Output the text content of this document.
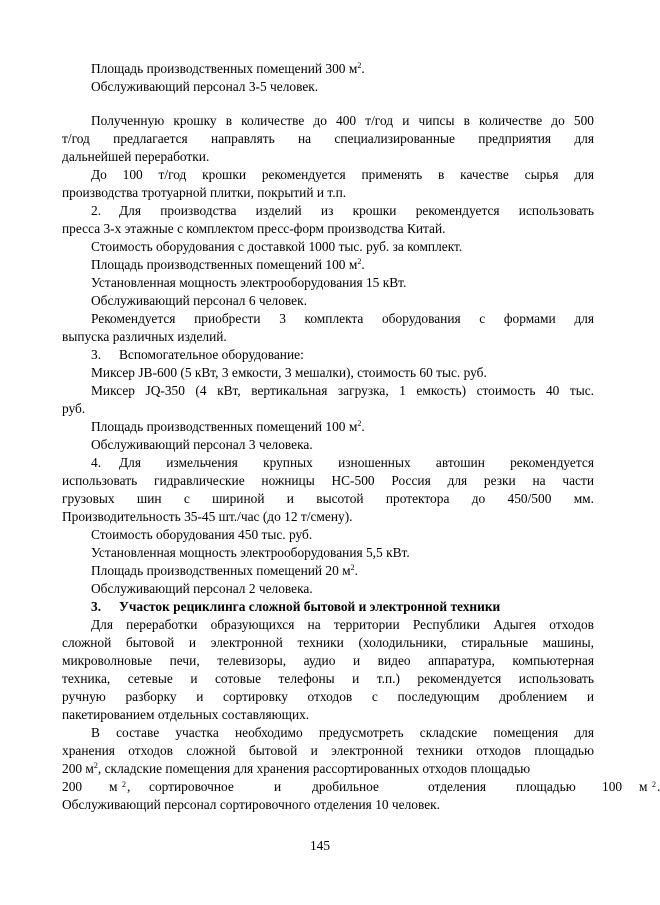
Площадь производственных помещений 300 $м^2$.
Обслуживающий персонал 3-5 человек.
Полученную крошку в количестве до 400 т/год и чипсы в количестве до 500
т/год предлагается направлять на специализированные предприятия для
дальнейшей переработки.
До 100 т/год крошки рекомендуется применять в качестве сырья для
производства тротуарной плитки, покрытий и т.п.
2. Для производства изделий из крошки рекомендуется использовать
пресса 3-х этажные с комплектом пресс-форм производства Китай.
Стоимость оборудования с доставкой 1000 тыс. руб. за комплект.
Площадь производственных помещений 100 $м^2$.
Установленная мощность электрооборудования 15 кВт.
Обслуживающий персонал 6 человек.
Рекомендуется приобрести 3 комплекта оборудования с формами для
выпуска различных изделий.
3. Вспомогательное оборудование:
Миксер JB-600 (5 кВт, 3 емкости, 3 мешалки), стоимость 60 тыс. руб.
Миксер JQ-350 (4 кВт, вертикальная загрузка, 1 емкость) стоимость 40 тыс.
руб.
Площадь производственных помещений 100 $м^2$.
Обслуживающий персонал 3 человека.
4. Для измельчения крупных изношенных автошин рекомендуется
использовать гидравлические ножницы НС-500 Россия для резки на части
грузовых шин с шириной и высотой протектора до 450/500 мм.
Производительность 35-45 шт./час (до 12 т/смену).
Стоимость оборудования 450 тыс. руб.
Установленная мощность электрооборудования 5,5 кВт.
Площадь производственных помещений 20 $м^2$.
Обслуживающий персонал 2 человека.
3. Участок рециклинга сложной бытовой и электронной техники
Для переработки образующихся на территории Республики Адыгея отходов
сложной бытовой и электронной техники (холодильники, стиральные машины,
микроволновые печи, телевизоры, аудио и видео аппаратура, компьютерная
техника, сетевые и сотовые телефоны и т.п.) рекомендуется использовать
ручную разборку и сортировку отходов с последующим дроблением и
пакетированием отдельных составляющих.
В составе участка необходимо предусмотреть складские помещения для
хранения отходов сложной бытовой и электронной техники отходов площадью
200 $м^2$, складские помещения для хранения рассортированных отходов площадью
200 м 2 , сортировочное	и дробильное	отделения площадью 100 м 2
Обслуживающий персонал сортировочного отделения 10 человек.
145
